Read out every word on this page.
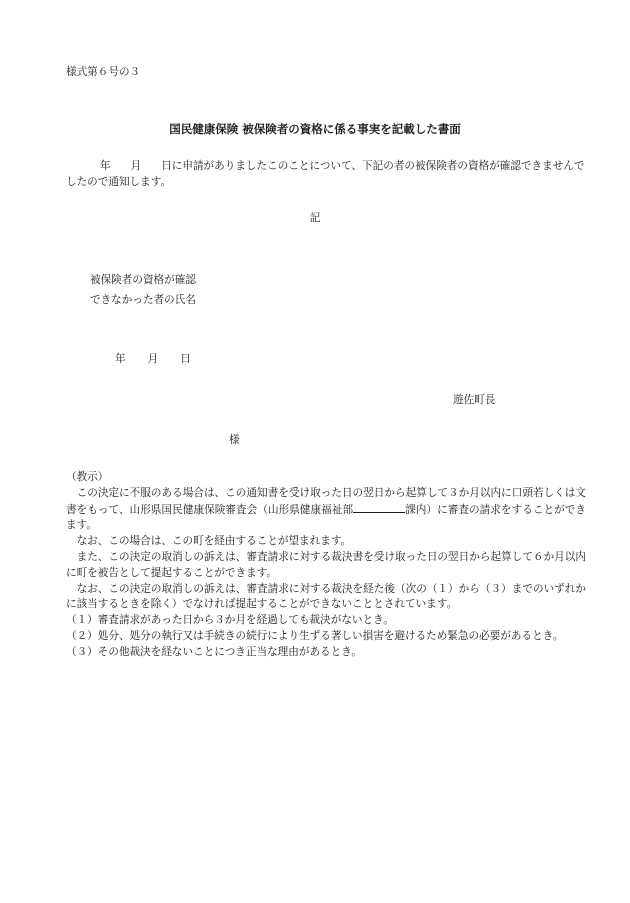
様式第６号の３
国民健康保険 被保険者の資格に係る事実を記載した書面
年 月 日に申請がありましたこのことについて、下記の者の被保険者の資格が確認できませんでしたので通知します。
記
被保険者の資格が確認
できなかった者の氏名
年 月 日
遊佐町長
様

（教示）

この決定に不服のある場合は、この通知書を受け取った日の翌日から起算して３か月以内に口頭若しくは文書をもって、山形県国民健康保険審査会（山形県健康福祉部	課内）に審査の請求をすることができます。

なお、この場合は、この町を経由することが望まれます。

また、この決定の取消しの訴えは、審査請求に対する裁決書を受け取った日の翌日から起算して６か月以内に町を被告として提起することができます。

なお、この決定の取消しの訴えは、審査請求に対する裁決を経た後（次の（１）から（３）までのいずれかに該当するときを除く）でなければ提起することができないこととされています。

（１）審査請求があった日から３か月を経過しても裁決がないとき。

（２）処分、処分の執行又は手続きの続行により生ずる著しい損害を避けるため緊急の必要があるとき。

（３）その他裁決を経ないことにつき正当な理由があるとき。
